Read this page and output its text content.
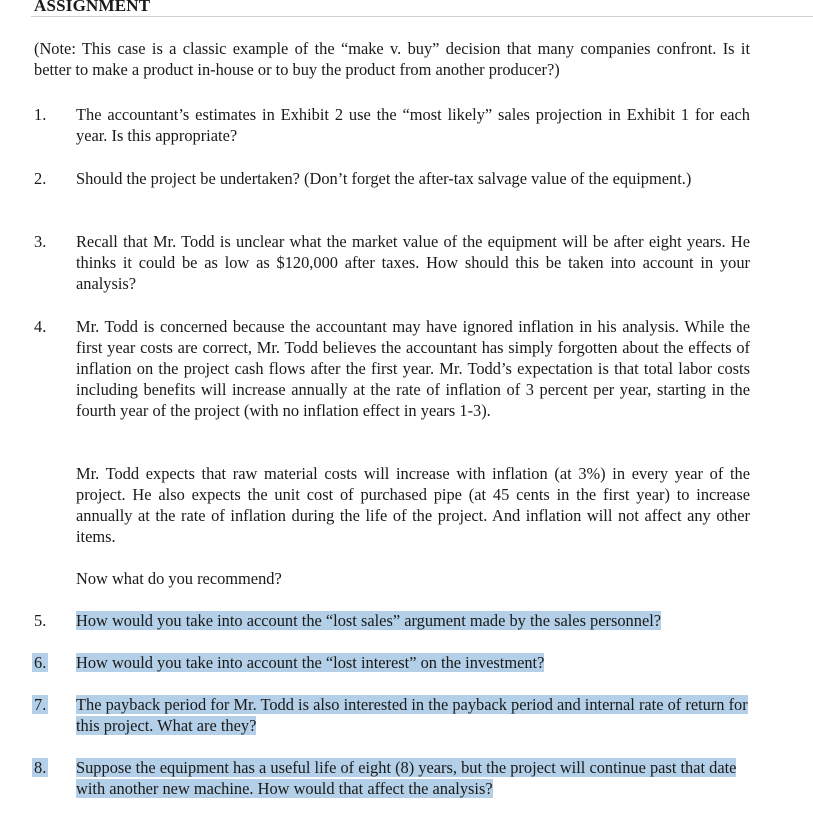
ASSIGNMENT

(Note: This case is a classic example of the “make v. buy” decision that many companies confront. Is it better to make a product in-house or to buy the product from another producer?)

1.	The accountant’s estimates in Exhibit 2 use the “most likely” sales projection in Exhibit 1 for each year. Is this appropriate?

2.	Should the project be undertaken? (Don’t forget the after-tax salvage value of the equipment.)

3.	Recall that Mr. Todd is unclear what the market value of the equipment will be after eight years. He thinks it could be as low as $120,000 after taxes. How should this be taken into account in your analysis?

4.	Mr. Todd is concerned because the accountant may have ignored inflation in his analysis. While the first year costs are correct, Mr. Todd believes the accountant has simply forgotten about the effects of inflation on the project cash flows after the first year. Mr. Todd’s expectation is that total labor costs including benefits will increase annually at the rate of inflation of 3 percent per year, starting in the fourth year of the project (with no inflation effect in years 1-3).

Mr. Todd expects that raw material costs will increase with inflation (at 3%) in every year of the project. He also expects the unit cost of purchased pipe (at 45 cents in the first year) to increase annually at the rate of inflation during the life of the project. And inflation will not affect any other items.

Now what do you recommend?

5.	How would you take into account the “lost sales” argument made by the sales personnel?

6.	How would you take into account the “lost interest” on the investment?

7.	The payback period for Mr. Todd is also interested in the payback period and internal rate of return for this project. What are they?

8.	Suppose the equipment has a useful life of eight (8) years, but the project will continue past that date with another new machine. How would that affect the analysis?
